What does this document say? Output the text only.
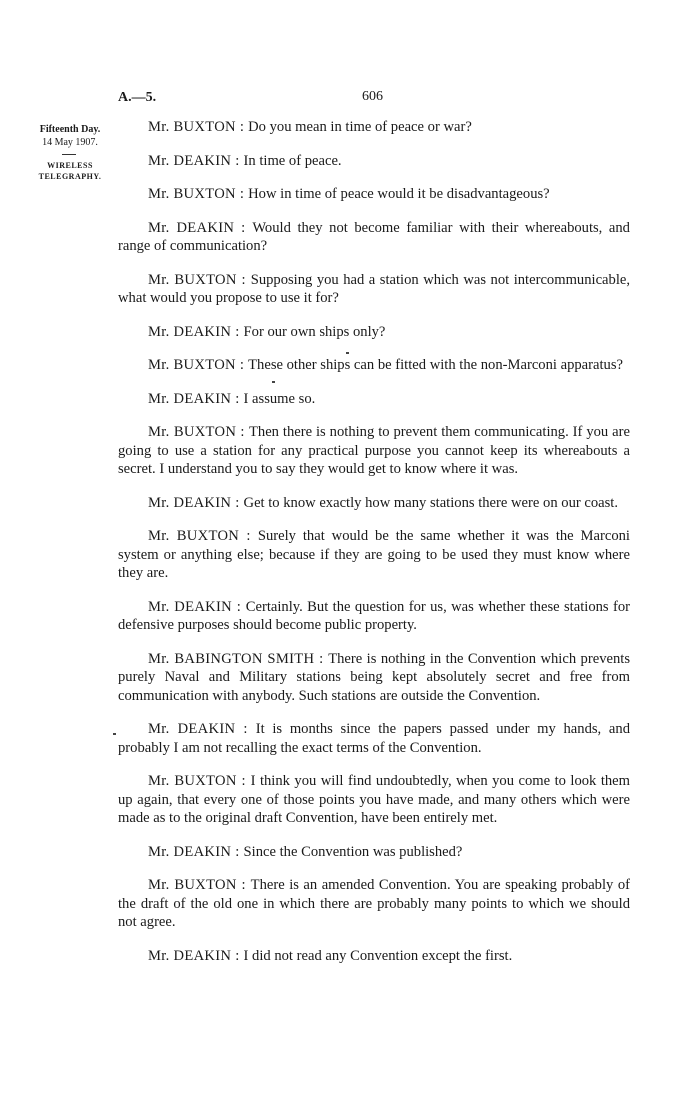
A.—5.	606
Fifteenth Day.
14 May 1907.
WIRELESS
TELEGRAPHY.

Mr. BUXTON : Do you mean in time of peace or war?

Mr. DEAKIN : In time of peace.

Mr. BUXTON : How in time of peace would it be disadvantageous?

Mr. DEAKIN : Would they not become familiar with their whereabouts, and range of communication?

Mr. BUXTON : Supposing you had a station which was not intercommunicable, what would you propose to use it for?

Mr. DEAKIN : For our own ships only?

Mr. BUXTON : These other ships can be fitted with the non-Marconi apparatus?

Mr. DEAKIN : I assume so.

Mr. BUXTON : Then there is nothing to prevent them communicating. If you are going to use a station for any practical purpose you cannot keep its whereabouts a secret. I understand you to say they would get to know where it was.

Mr. DEAKIN : Get to know exactly how many stations there were on our coast.

Mr. BUXTON : Surely that would be the same whether it was the Marconi system or anything else; because if they are going to be used they must know where they are.

Mr. DEAKIN : Certainly. But the question for us, was whether these stations for defensive purposes should become public property.

Mr. BABINGTON SMITH : There is nothing in the Convention which prevents purely Naval and Military stations being kept absolutely secret and free from communication with anybody. Such stations are outside the Convention.

Mr. DEAKIN : It is months since the papers passed under my hands, and probably I am not recalling the exact terms of the Convention.

Mr. BUXTON : I think you will find undoubtedly, when you come to look them up again, that every one of those points you have made, and many others which were made as to the original draft Convention, have been entirely met.

Mr. DEAKIN : Since the Convention was published?

Mr. BUXTON : There is an amended Convention. You are speaking probably of the draft of the old one in which there are probably many points to which we should not agree.

Mr. DEAKIN : I did not read any Convention except the first.
